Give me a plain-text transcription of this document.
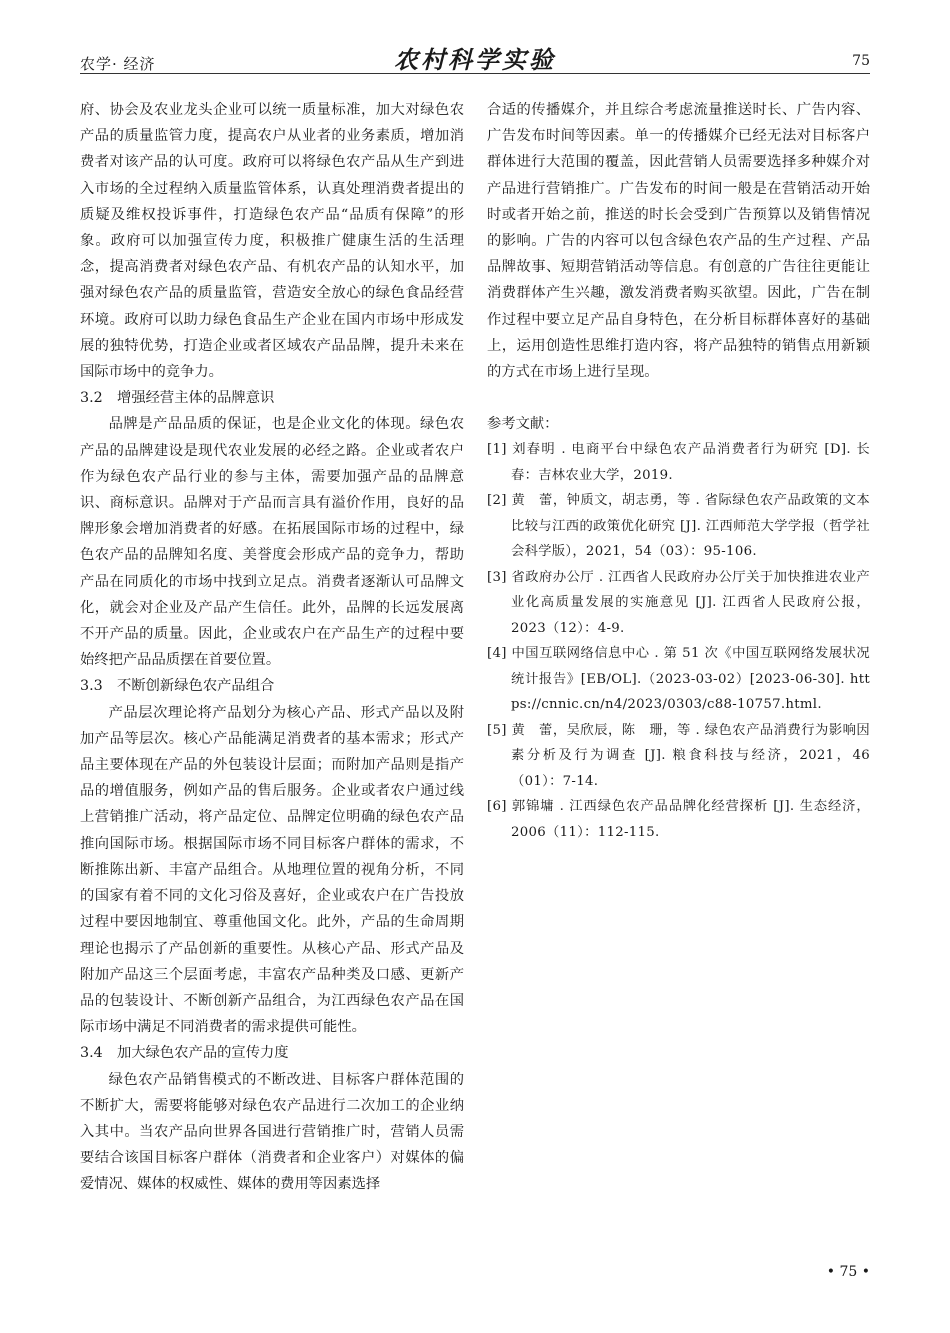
农学· 经济	农村科学实验	75

府、协会及农业龙头企业可以统一质量标准，加大对绿色农产品的质量监管力度，提高农户从业者的业务素质，增加消费者对该产品的认可度。政府可以将绿色农产品从生产到进入市场的全过程纳入质量监管体系，认真处理消费者提出的质疑及维权投诉事件，打造绿色农产品“品质有保障”的形象。政府可以加强宣传力度，积极推广健康生活的生活理念，提高消费者对绿色农产品、有机农产品的认知水平，加强对绿色农产品的质量监管，营造安全放心的绿色食品经营环境。政府可以助力绿色食品生产企业在国内市场中形成发展的独特优势，打造企业或者区域农产品品牌，提升未来在国际市场中的竞争力。

3.2　增强经营主体的品牌意识

品牌是产品品质的保证，也是企业文化的体现。绿色农产品的品牌建设是现代农业发展的必经之路。企业或者农户作为绿色农产品行业的参与主体，需要加强产品的品牌意识、商标意识。品牌对于产品而言具有溢价作用，良好的品牌形象会增加消费者的好感。在拓展国际市场的过程中，绿色农产品的品牌知名度、美誉度会形成产品的竞争力，帮助产品在同质化的市场中找到立足点。消费者逐渐认可品牌文化，就会对企业及产品产生信任。此外，品牌的长远发展离不开产品的质量。因此，企业或农户在产品生产的过程中要始终把产品品质摆在首要位置。

3.3　不断创新绿色农产品组合

产品层次理论将产品划分为核心产品、形式产品以及附加产品等层次。核心产品能满足消费者的基本需求；形式产品主要体现在产品的外包装设计层面；而附加产品则是指产品的增值服务，例如产品的售后服务。企业或者农户通过线上营销推广活动，将产品定位、品牌定位明确的绿色农产品推向国际市场。根据国际市场不同目标客户群体的需求，不断推陈出新、丰富产品组合。从地理位置的视角分析，不同的国家有着不同的文化习俗及喜好，企业或农户在广告投放过程中要因地制宜、尊重他国文化。此外，产品的生命周期理论也揭示了产品创新的重要性。从核心产品、形式产品及附加产品这三个层面考虑，丰富农产品种类及口感、更新产品的包装设计、不断创新产品组合，为江西绿色农产品在国际市场中满足不同消费者的需求提供可能性。

3.4　加大绿色农产品的宣传力度

绿色农产品销售模式的不断改进、目标客户群体范围的不断扩大，需要将能够对绿色农产品进行二次加工的企业纳入其中。当农产品向世界各国进行营销推广时，营销人员需要结合该国目标客户群体（消费者和企业客户）对媒体的偏爱情况、媒体的权威性、媒体的费用等因素选择

合适的传播媒介，并且综合考虑流量推送时长、广告内容、广告发布时间等因素。单一的传播媒介已经无法对目标客户群体进行大范围的覆盖，因此营销人员需要选择多种媒介对产品进行营销推广。广告发布的时间一般是在营销活动开始时或者开始之前，推送的时长会受到广告预算以及销售情况的影响。广告的内容可以包含绿色农产品的生产过程、产品品牌故事、短期营销活动等信息。有创意的广告往往更能让消费群体产生兴趣，激发消费者购买欲望。因此，广告在制作过程中要立足产品自身特色，在分析目标群体喜好的基础上，运用创造性思维打造内容，将产品独特的销售点用新颖的方式在市场上进行呈现。

参考文献：

[1] 刘春明 . 电商平台中绿色农产品消费者行为研究 [D]. 长春：吉林农业大学，2019.

[2] 黄　蕾，钟质文，胡志勇，等 . 省际绿色农产品政策的文本比较与江西的政策优化研究 [J]. 江西师范大学学报（哲学社会科学版），2021，54（03）：95-106.

[3] 省政府办公厅 . 江西省人民政府办公厅关于加快推进农业产业化高质量发展的实施意见 [J]. 江西省人民政府公报，2023（12）：4-9.

[4] 中国互联网络信息中心 . 第 51 次《中国互联网络发展状况统计报告》[EB/OL].（2023-03-02）[2023-06-30]. https://cnnic.cn/n4/2023/0303/c88-10757.html.

[5] 黄　蕾，吴欣辰，陈　珊，等 . 绿色农产品消费行为影响因素分析及行为调查 [J]. 粮食科技与经济，2021，46（01）：7-14.

[6] 郭锦墉 . 江西绿色农产品品牌化经营探析 [J]. 生态经济，2006（11）：112-115.

• 75 •
